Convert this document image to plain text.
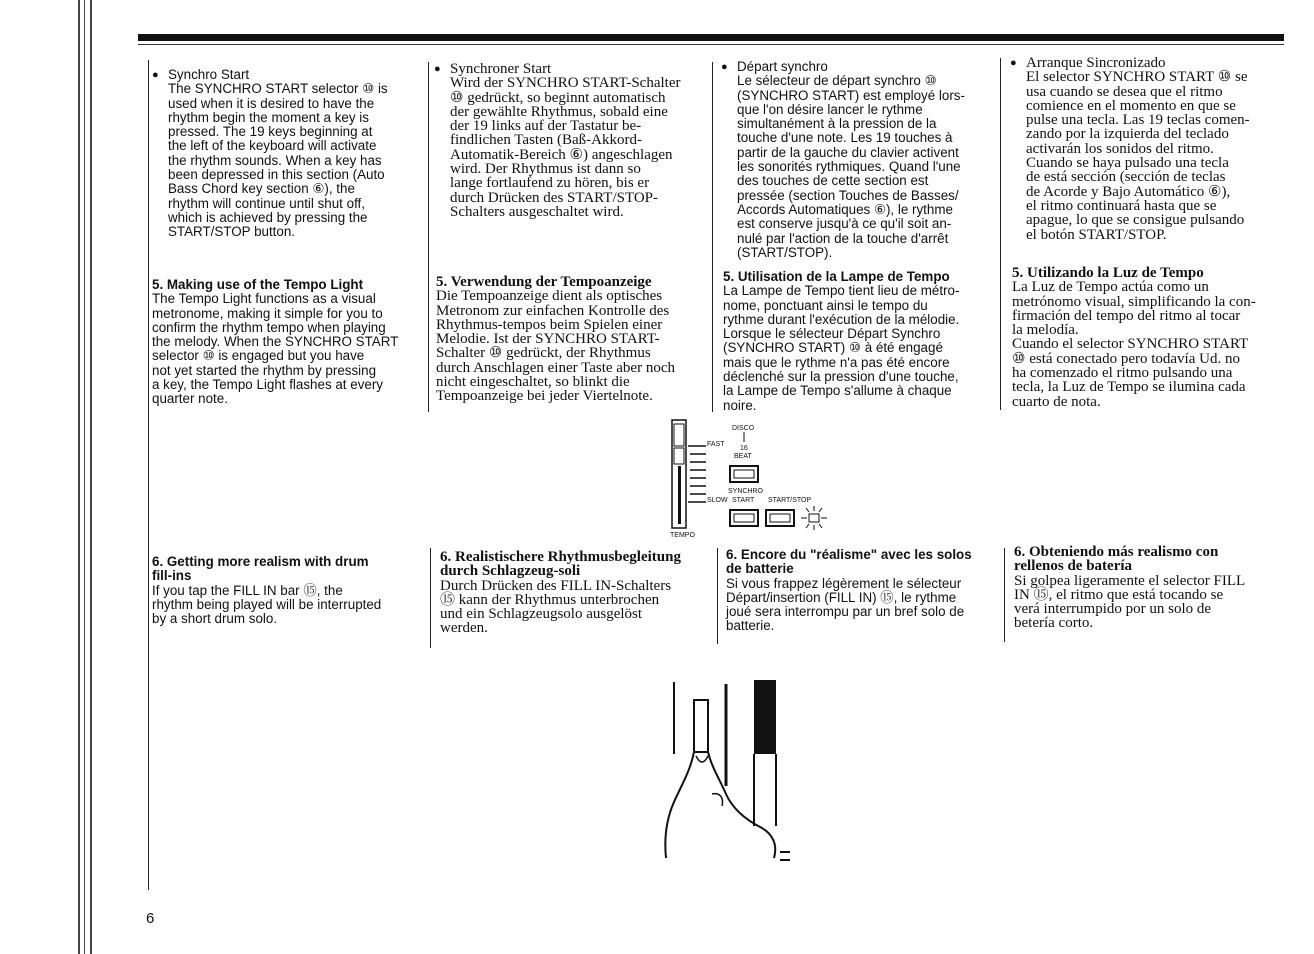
● Synchro Start
The SYNCHRO START selector ⑩ is
used when it is desired to have the
rhythm begin the moment a key is
pressed. The 19 keys beginning at
the left of the keyboard will activate
the rhythm sounds. When a key has
been depressed in this section (Auto
Bass Chord key section ⑥), the
rhythm will continue until shut off,
which is achieved by pressing the
START/STOP button.
5. Making use of the Tempo Light
The Tempo Light functions as a visual
metronome, making it simple for you to
confirm the rhythm tempo when playing
the melody. When the SYNCHRO START
selector ⑩ is engaged but you have
not yet started the rhythm by pressing
a key, the Tempo Light flashes at every
quarter note.
6. Getting more realism with drum
fill-ins
If you tap the FILL IN bar ⑮, the
rhythm being played will be interrupted
by a short drum solo.
● Synchroner Start
Wird der SYNCHRO START-Schalter
⑩ gedrückt, so beginnt automatisch
der gewählte Rhythmus, sobald eine
der 19 links auf der Tastatur be-
findlichen Tasten (Baß-Akkord-
Automatik-Bereich ⑥) angeschlagen
wird. Der Rhythmus ist dann so
lange fortlaufend zu hören, bis er
durch Drücken des START/STOP-
Schalters ausgeschaltet wird.
5. Verwendung der Tempoanzeige
Die Tempoanzeige dient als optisches
Metronom zur einfachen Kontrolle des
Rhythmus-tempos beim Spielen einer
Melodie. Ist der SYNCHRO START-
Schalter ⑩ gedrückt, der Rhythmus
durch Anschlagen einer Taste aber noch
nicht eingeschaltet, so blinkt die
Tempoanzeige bei jeder Viertelnote.
6. Realistischere Rhythmusbegleitung
durch Schlagzeug-soli
Durch Drücken des FILL IN-Schalters
⑮ kann der Rhythmus unterbrochen
und ein Schlagzeugsolo ausgelöst
werden.
● Départ synchro
Le sélecteur de départ synchro ⑩
(SYNCHRO START) est employé lors-
que l'on désire lancer le rythme
simultanément à la pression de la
touche d'une note. Les 19 touches à
partir de la gauche du clavier activent
les sonorités rythmiques. Quand l'une
des touches de cette section est
pressée (section Touches de Basses/
Accords Automatiques ⑥), le rythme
est conserve jusqu'à ce qu'il soit an-
nulé par l'action de la touche d'arrêt
(START/STOP).
5. Utilisation de la Lampe de Tempo
La Lampe de Tempo tient lieu de métro-
nome, ponctuant ainsi le tempo du
rythme durant l'exécution de la mélodie.
Lorsque le sélecteur Départ Synchro
(SYNCHRO START) ⑩ à été engagé
mais que le rythme n'a pas été encore
déclenché sur la pression d'une touche,
la Lampe de Tempo s'allume à chaque
noire.
6. Encore du "réalisme" avec les solos
de batterie
Si vous frappez légèrement le sélecteur
Départ/insertion (FILL IN) ⑮, le rythme
joué sera interrompu par un bref solo de
batterie.
● Arranque Sincronizado
El selector SYNCHRO START ⑩ se
usa cuando se desea que el ritmo
comience en el momento en que se
pulse una tecla. Las 19 teclas comen-
zando por la izquierda del teclado
activarán los sonidos del ritmo.
Cuando se haya pulsado una tecla
de está sección (sección de teclas
de Acorde y Bajo Automático ⑥),
el ritmo continuará hasta que se
apague, lo que se consigue pulsando
el botón START/STOP.
5. Utilizando la Luz de Tempo
La Luz de Tempo actúa como un
metrónomo visual, simplificando la con-
firmación del tempo del ritmo al tocar
la melodía.
Cuando el selector SYNCHRO START
⑩ está conectado pero todavía Ud. no
ha comenzado el ritmo pulsando una
tecla, la Luz de Tempo se ilumina cada
cuarto de nota.
6. Obteniendo más realismo con
rellenos de batería
Si golpea ligeramente el selector FILL
IN ⑮, el ritmo que está tocando se
verá interrumpido por un solo de
betería corto.
DISCO
FAST
16
BEAT
SYNCHRO
SLOW START START/STOP
TEMPO
6
